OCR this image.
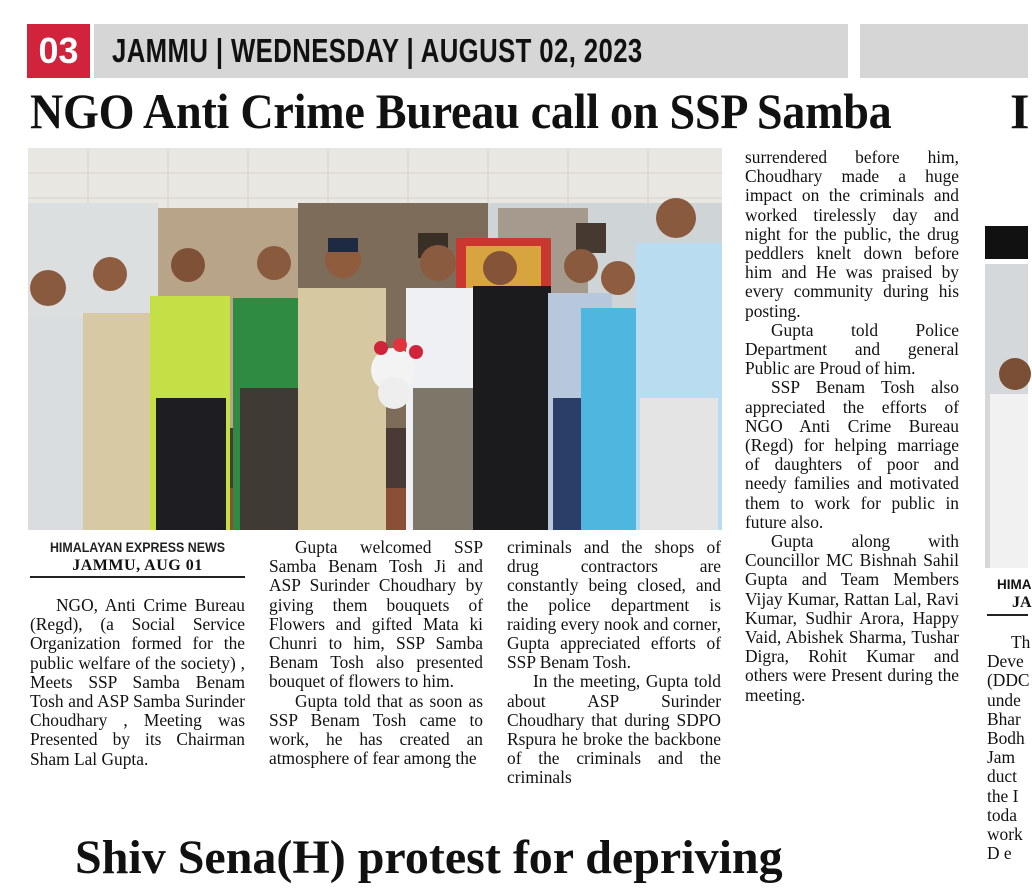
03	JAMMU | WEDNESDAY | AUGUST 02, 2023
NGO Anti Crime Bureau call on SSP Samba I
HIMALAYAN EXPRESS NEWS
JAMMU, AUG 01

NGO, Anti Crime Bureau (Regd), (a Social Service Organization formed for the public welfare of the society) , Meets SSP Samba Benam Tosh and ASP Samba Surinder Choudhary , Meeting was Presented by its Chairman Sham Lal Gupta.

Gupta welcomed SSP Samba Benam Tosh Ji and ASP Surinder Choudhary by giving them bouquets of Flowers and gifted Mata ki Chunri to him, SSP Samba Benam Tosh also presented bouquet of flowers to him.

Gupta told that as soon as SSP Benam Tosh came to work, he has created an atmosphere of fear among the

criminals and the shops of drug contractors are constantly being closed, and the police department is raiding every nook and corner, Gupta appreciated efforts of SSP Benam Tosh.

In the meeting, Gupta told about ASP Surinder Choudhary that during SDPO Rspura he broke the backbone of the criminals and the criminals

surrendered before him, Choudhary made a huge impact on the criminals and worked tirelessly day and night for the public, the drug peddlers knelt down before him and He was praised by every community during his posting.

Gupta told Police Department and general Public are Proud of him.

SSP Benam Tosh also appreciated the efforts of NGO Anti Crime Bureau (Regd) for helping marriage of daughters of poor and needy families and motivated them to work for public in future also.

Gupta along with Councillor MC Bishnah Sahil Gupta and Team Members Vijay Kumar, Rattan Lal, Ravi Kumar, Sudhir Arora, Happy Vaid, Abishek Sharma, Tushar Digra, Rohit Kumar and others were Present during the meeting.

Shiv Sena(H) protest for depriving
HIMA
JA
Th
Deve
(DDC
unde
Bhar
Bodh
Jam
duct
the I
toda
work
D e
